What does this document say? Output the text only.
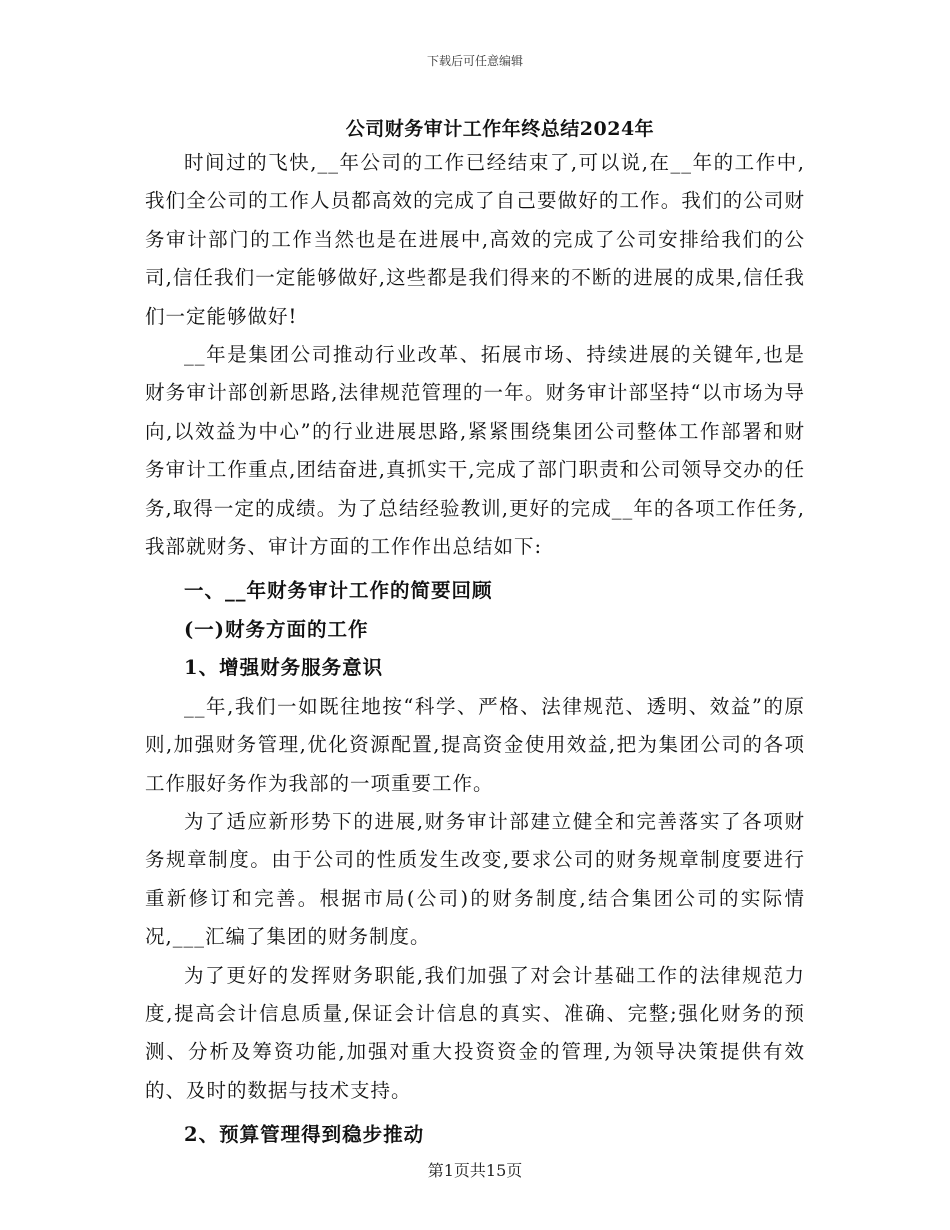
下载后可任意编辑
公司财务审计工作年终总结2024年

时间过的飞快,__年公司的工作已经结束了,可以说,在__年的工作中,我们全公司的工作人员都高效的完成了自己要做好的工作。我们的公司财务审计部门的工作当然也是在进展中,高效的完成了公司安排给我们的公司,信任我们一定能够做好,这些都是我们得来的不断的进展的成果,信任我们一定能够做好!

__年是集团公司推动行业改革、拓展市场、持续进展的关键年,也是财务审计部创新思路,法律规范管理的一年。财务审计部坚持“以市场为导向,以效益为中心”的行业进展思路,紧紧围绕集团公司整体工作部署和财务审计工作重点,团结奋进,真抓实干,完成了部门职责和公司领导交办的任务,取得一定的成绩。为了总结经验教训,更好的完成__年的各项工作任务,我部就财务、审计方面的工作作出总结如下:

一、__年财务审计工作的简要回顾

(一)财务方面的工作

1、增强财务服务意识

__年,我们一如既往地按“科学、严格、法律规范、透明、效益”的原则,加强财务管理,优化资源配置,提高资金使用效益,把为集团公司的各项工作服好务作为我部的一项重要工作。

为了适应新形势下的进展,财务审计部建立健全和完善落实了各项财务规章制度。由于公司的性质发生改变,要求公司的财务规章制度要进行重新修订和完善。根据市局(公司)的财务制度,结合集团公司的实际情况,___汇编了集团的财务制度。

为了更好的发挥财务职能,我们加强了对会计基础工作的法律规范力度,提高会计信息质量,保证会计信息的真实、准确、完整;强化财务的预测、分析及筹资功能,加强对重大投资资金的管理,为领导决策提供有效的、及时的数据与技术支持。

2、预算管理得到稳步推动

第1页共15页
